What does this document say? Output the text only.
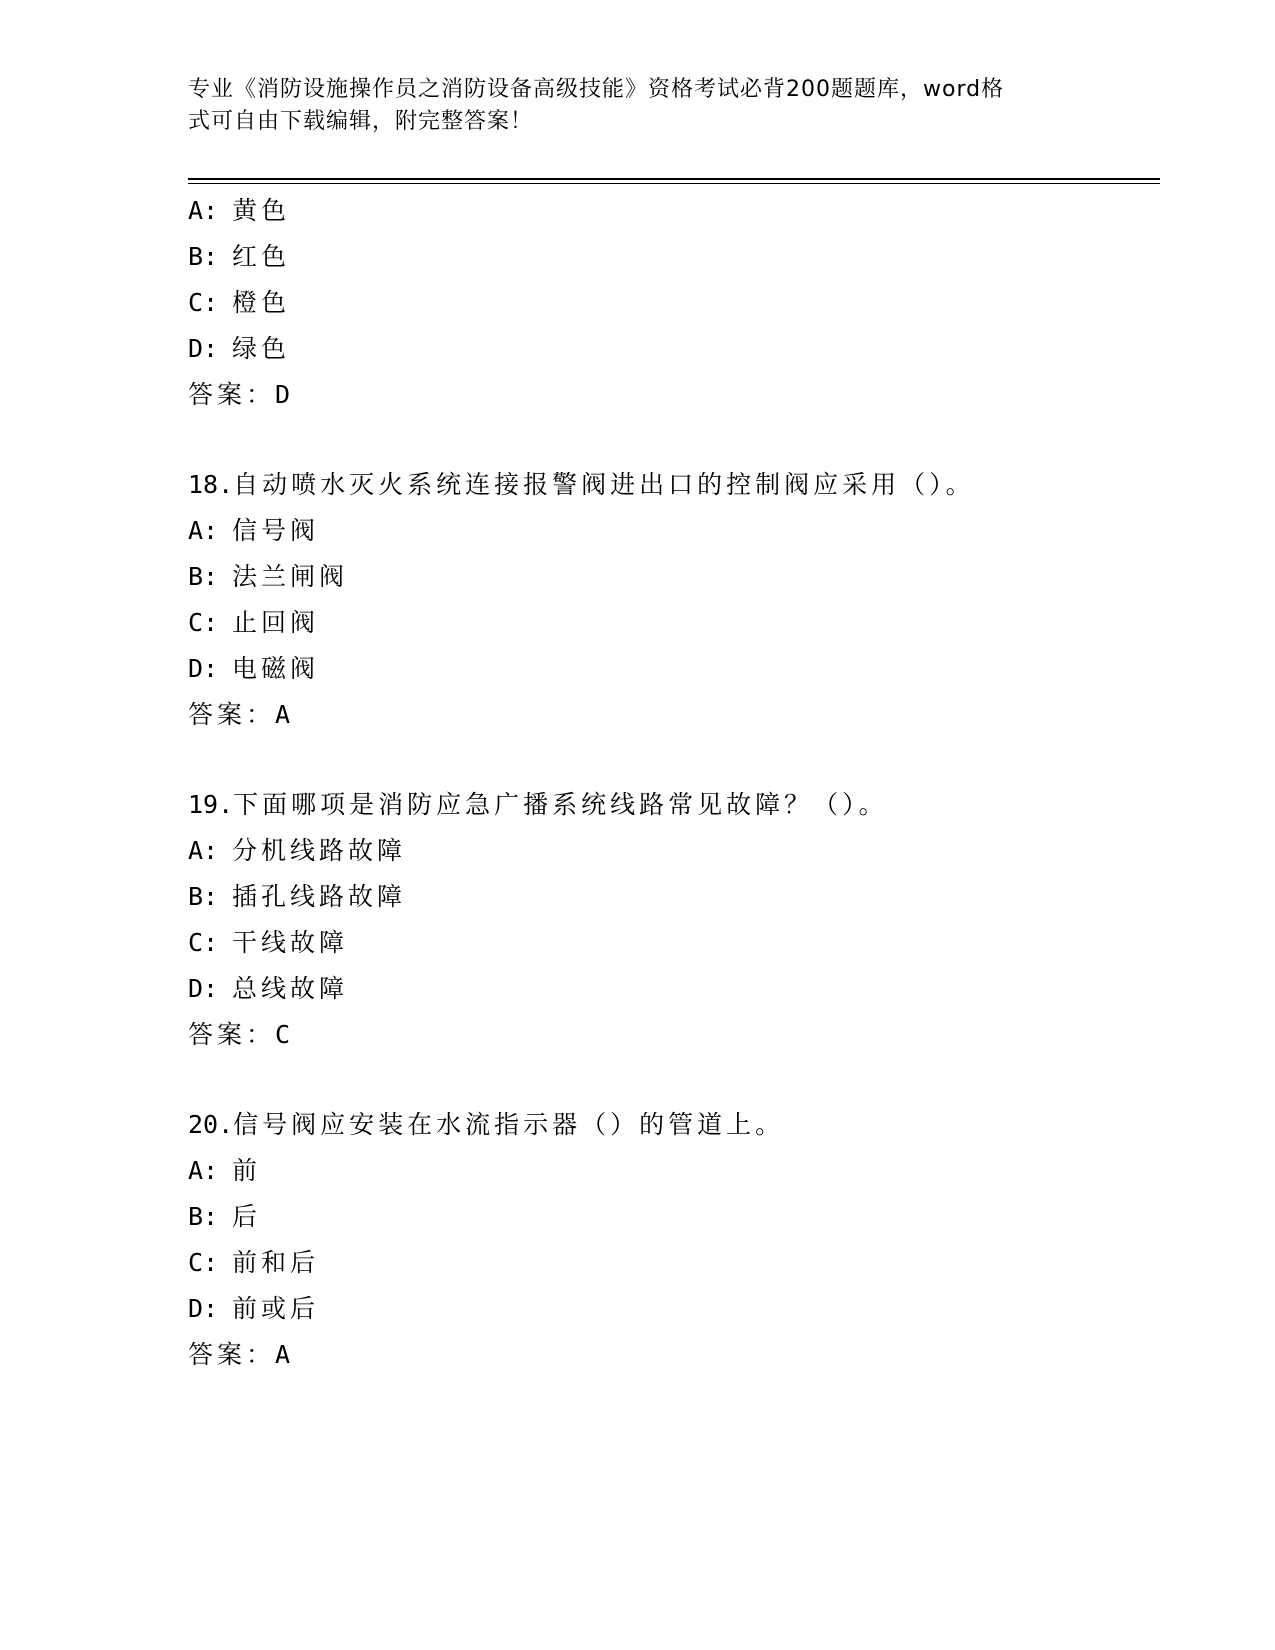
专业《消防设施操作员之消防设备高级技能》资格考试必背200题题库，word格
式可自由下载编辑，附完整答案！
A: 黄色
B: 红色
C: 橙色
D: 绿色
答案：D
18.自动喷水灭火系统连接报警阀进出口的控制阀应采用（）。
A: 信号阀
B: 法兰闸阀
C: 止回阀
D: 电磁阀
答案：A
19.下面哪项是消防应急广播系统线路常见故障？（）。
A: 分机线路故障
B: 插孔线路故障
C: 干线故障
D: 总线故障
答案：C
20.信号阀应安装在水流指示器（）的管道上。
A: 前
B: 后
C: 前和后
D: 前或后
答案：A
